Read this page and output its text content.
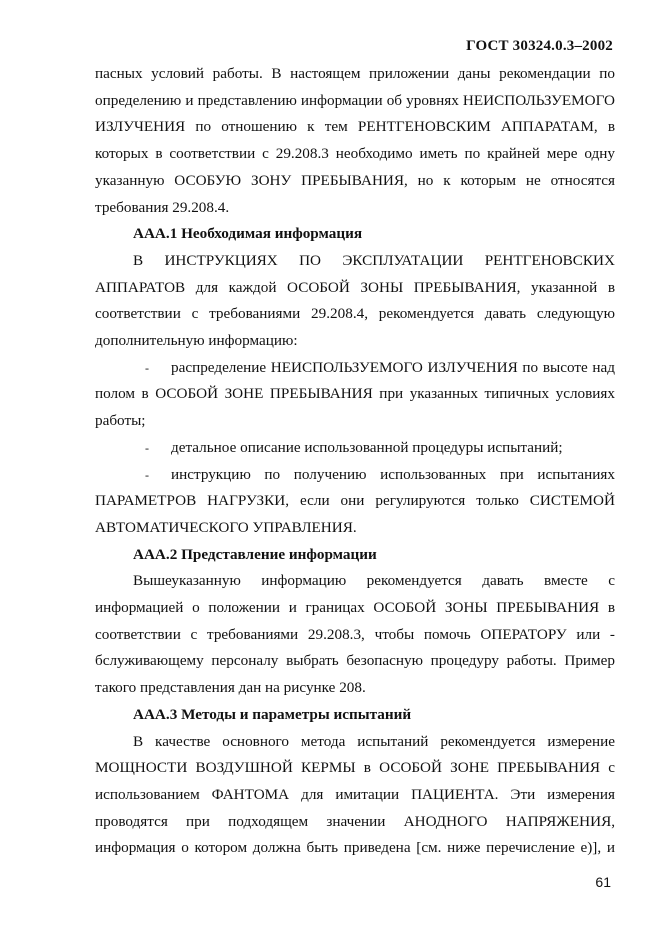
ГОСТ 30324.0.3–2002

пасных условий работы. В настоящем приложении даны рекомендации по определению и представлению информации об уровнях НЕИСПОЛЬЗУЕМОГО ИЗЛУЧЕНИЯ по отношению к тем РЕНТГЕНОВСКИМ АППАРАТАМ, в которых в соответствии с 29.208.3 необходимо иметь по крайней мере одну указанную ОСОБУЮ ЗОНУ ПРЕБЫВАНИЯ, но к которым не относятся требования 29.208.4.

ААА.1 Необходимая информация

В ИНСТРУКЦИЯХ ПО ЭКСПЛУАТАЦИИ РЕНТГЕНОВСКИХ АППАРАТОВ для каждой ОСОБОЙ ЗОНЫ ПРЕБЫВАНИЯ, указанной в соответствии с требованиями 29.208.4, рекомендуется давать следующую дополнительную информацию:

- распределение НЕИСПОЛЬЗУЕМОГО ИЗЛУЧЕНИЯ по высоте над полом в ОСОБОЙ ЗОНЕ ПРЕБЫВАНИЯ при указанных типичных условиях работы;

- детальное описание использованной процедуры испытаний;

- инструкцию по получению использованных при испытаниях ПАРАМЕТРОВ НАГРУЗКИ, если они регулируются только СИСТЕМОЙ АВТОМАТИЧЕСКОГО УПРАВЛЕНИЯ.

ААА.2 Представление информации

Вышеуказанную информацию рекомендуется давать вместе с информацией о положении и границах ОСОБОЙ ЗОНЫ ПРЕБЫВАНИЯ в соответствии с требованиями 29.208.3, чтобы помочь ОПЕРАТОРУ или - бслуживающему персоналу выбрать безопасную процедуру работы. Пример такого представления дан на рисунке 208.

ААА.3 Методы и параметры испытаний

В качестве основного метода испытаний рекомендуется измерение МОЩНОСТИ ВОЗДУШНОЙ КЕРМЫ в ОСОБОЙ ЗОНЕ ПРЕБЫВАНИЯ с использованием ФАНТОМА для имитации ПАЦИЕНТА. Эти измерения проводятся при подходящем значении АНОДНОГО НАПРЯЖЕНИЯ, информация о котором должна быть приведена [см. ниже перечисление е)], и

61
